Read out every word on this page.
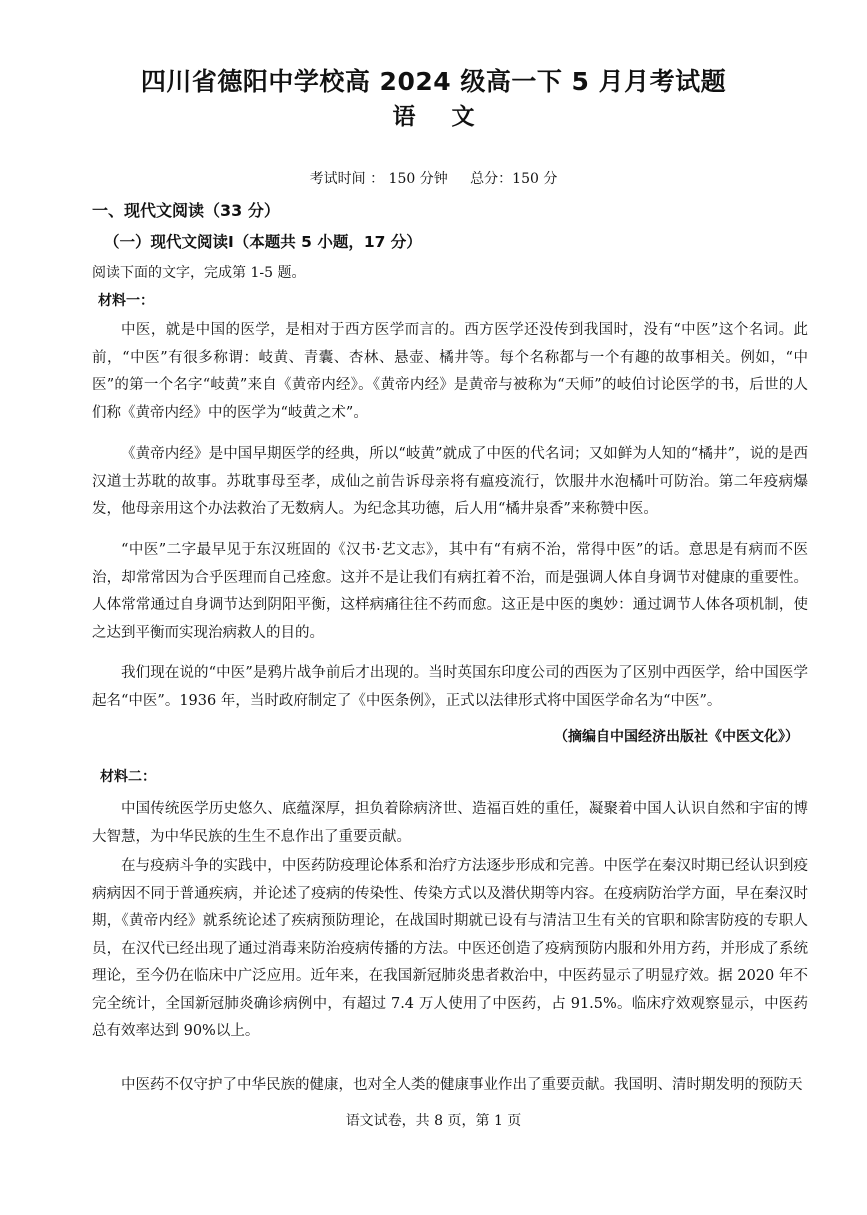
四川省德阳中学校高 2024 级高一下 5 月月考试题
语文
考试时间 ： 150 分钟 总分：150 分
一、现代文阅读（33 分）
（一）现代文阅读Ⅰ（本题共 5 小题，17 分）
阅读下面的文字，完成第 1-5 题。
材料一：

中医，就是中国的医学，是相对于西方医学而言的。西方医学还没传到我国时，没有“中医”这个名词。此前，“中医”有很多称谓：岐黄、青囊、杏林、悬壶、橘井等。每个名称都与一个有趣的故事相关。例如，“中医”的第一个名字“岐黄”来自《黄帝内经》。《黄帝内经》是黄帝与被称为“天师”的岐伯讨论医学的书，后世的人们称《黄帝内经》中的医学为“岐黄之术”。

《黄帝内经》是中国早期医学的经典，所以“岐黄”就成了中医的代名词；又如鲜为人知的“橘井”，说的是西汉道士苏耽的故事。苏耽事母至孝，成仙之前告诉母亲将有瘟疫流行，饮服井水泡橘叶可防治。第二年疫病爆发，他母亲用这个办法救治了无数病人。为纪念其功德，后人用“橘井泉香”来称赞中医。

“中医”二字最早见于东汉班固的《汉书·艺文志》，其中有“有病不治，常得中医”的话。意思是有病而不医治，却常常因为合乎医理而自己痊愈。这并不是让我们有病扛着不治，而是强调人体自身调节对健康的重要性。人体常常通过自身调节达到阴阳平衡，这样病痛往往不药而愈。这正是中医的奥妙：通过调节人体各项机制，使之达到平衡而实现治病救人的目的。

我们现在说的“中医”是鸦片战争前后才出现的。当时英国东印度公司的西医为了区别中西医学，给中国医学起名“中医”。1936 年，当时政府制定了《中医条例》，正式以法律形式将中国医学命名为“中医”。

（摘编自中国经济出版社《中医文化》）
材料二：

中国传统医学历史悠久、底蕴深厚，担负着除病济世、造福百姓的重任，凝聚着中国人认识自然和宇宙的博大智慧，为中华民族的生生不息作出了重要贡献。

在与疫病斗争的实践中，中医药防疫理论体系和治疗方法逐步形成和完善。中医学在秦汉时期已经认识到疫病病因不同于普通疾病，并论述了疫病的传染性、传染方式以及潜伏期等内容。在疫病防治学方面，早在秦汉时期，《黄帝内经》就系统论述了疾病预防理论，在战国时期就已设有与清洁卫生有关的官职和除害防疫的专职人员，在汉代已经出现了通过消毒来防治疫病传播的方法。中医还创造了疫病预防内服和外用方药，并形成了系统理论，至今仍在临床中广泛应用。近年来，在我国新冠肺炎患者救治中，中医药显示了明显疗效。据 2020 年不完全统计，全国新冠肺炎确诊病例中，有超过 7.4 万人使用了中医药，占 91.5%。临床疗效观察显示，中医药总有效率达到 90%以上。

中医药不仅守护了中华民族的健康，也对全人类的健康事业作出了重要贡献。我国明、清时期发明的预防天

语文试卷，共 8 页，第 1 页
